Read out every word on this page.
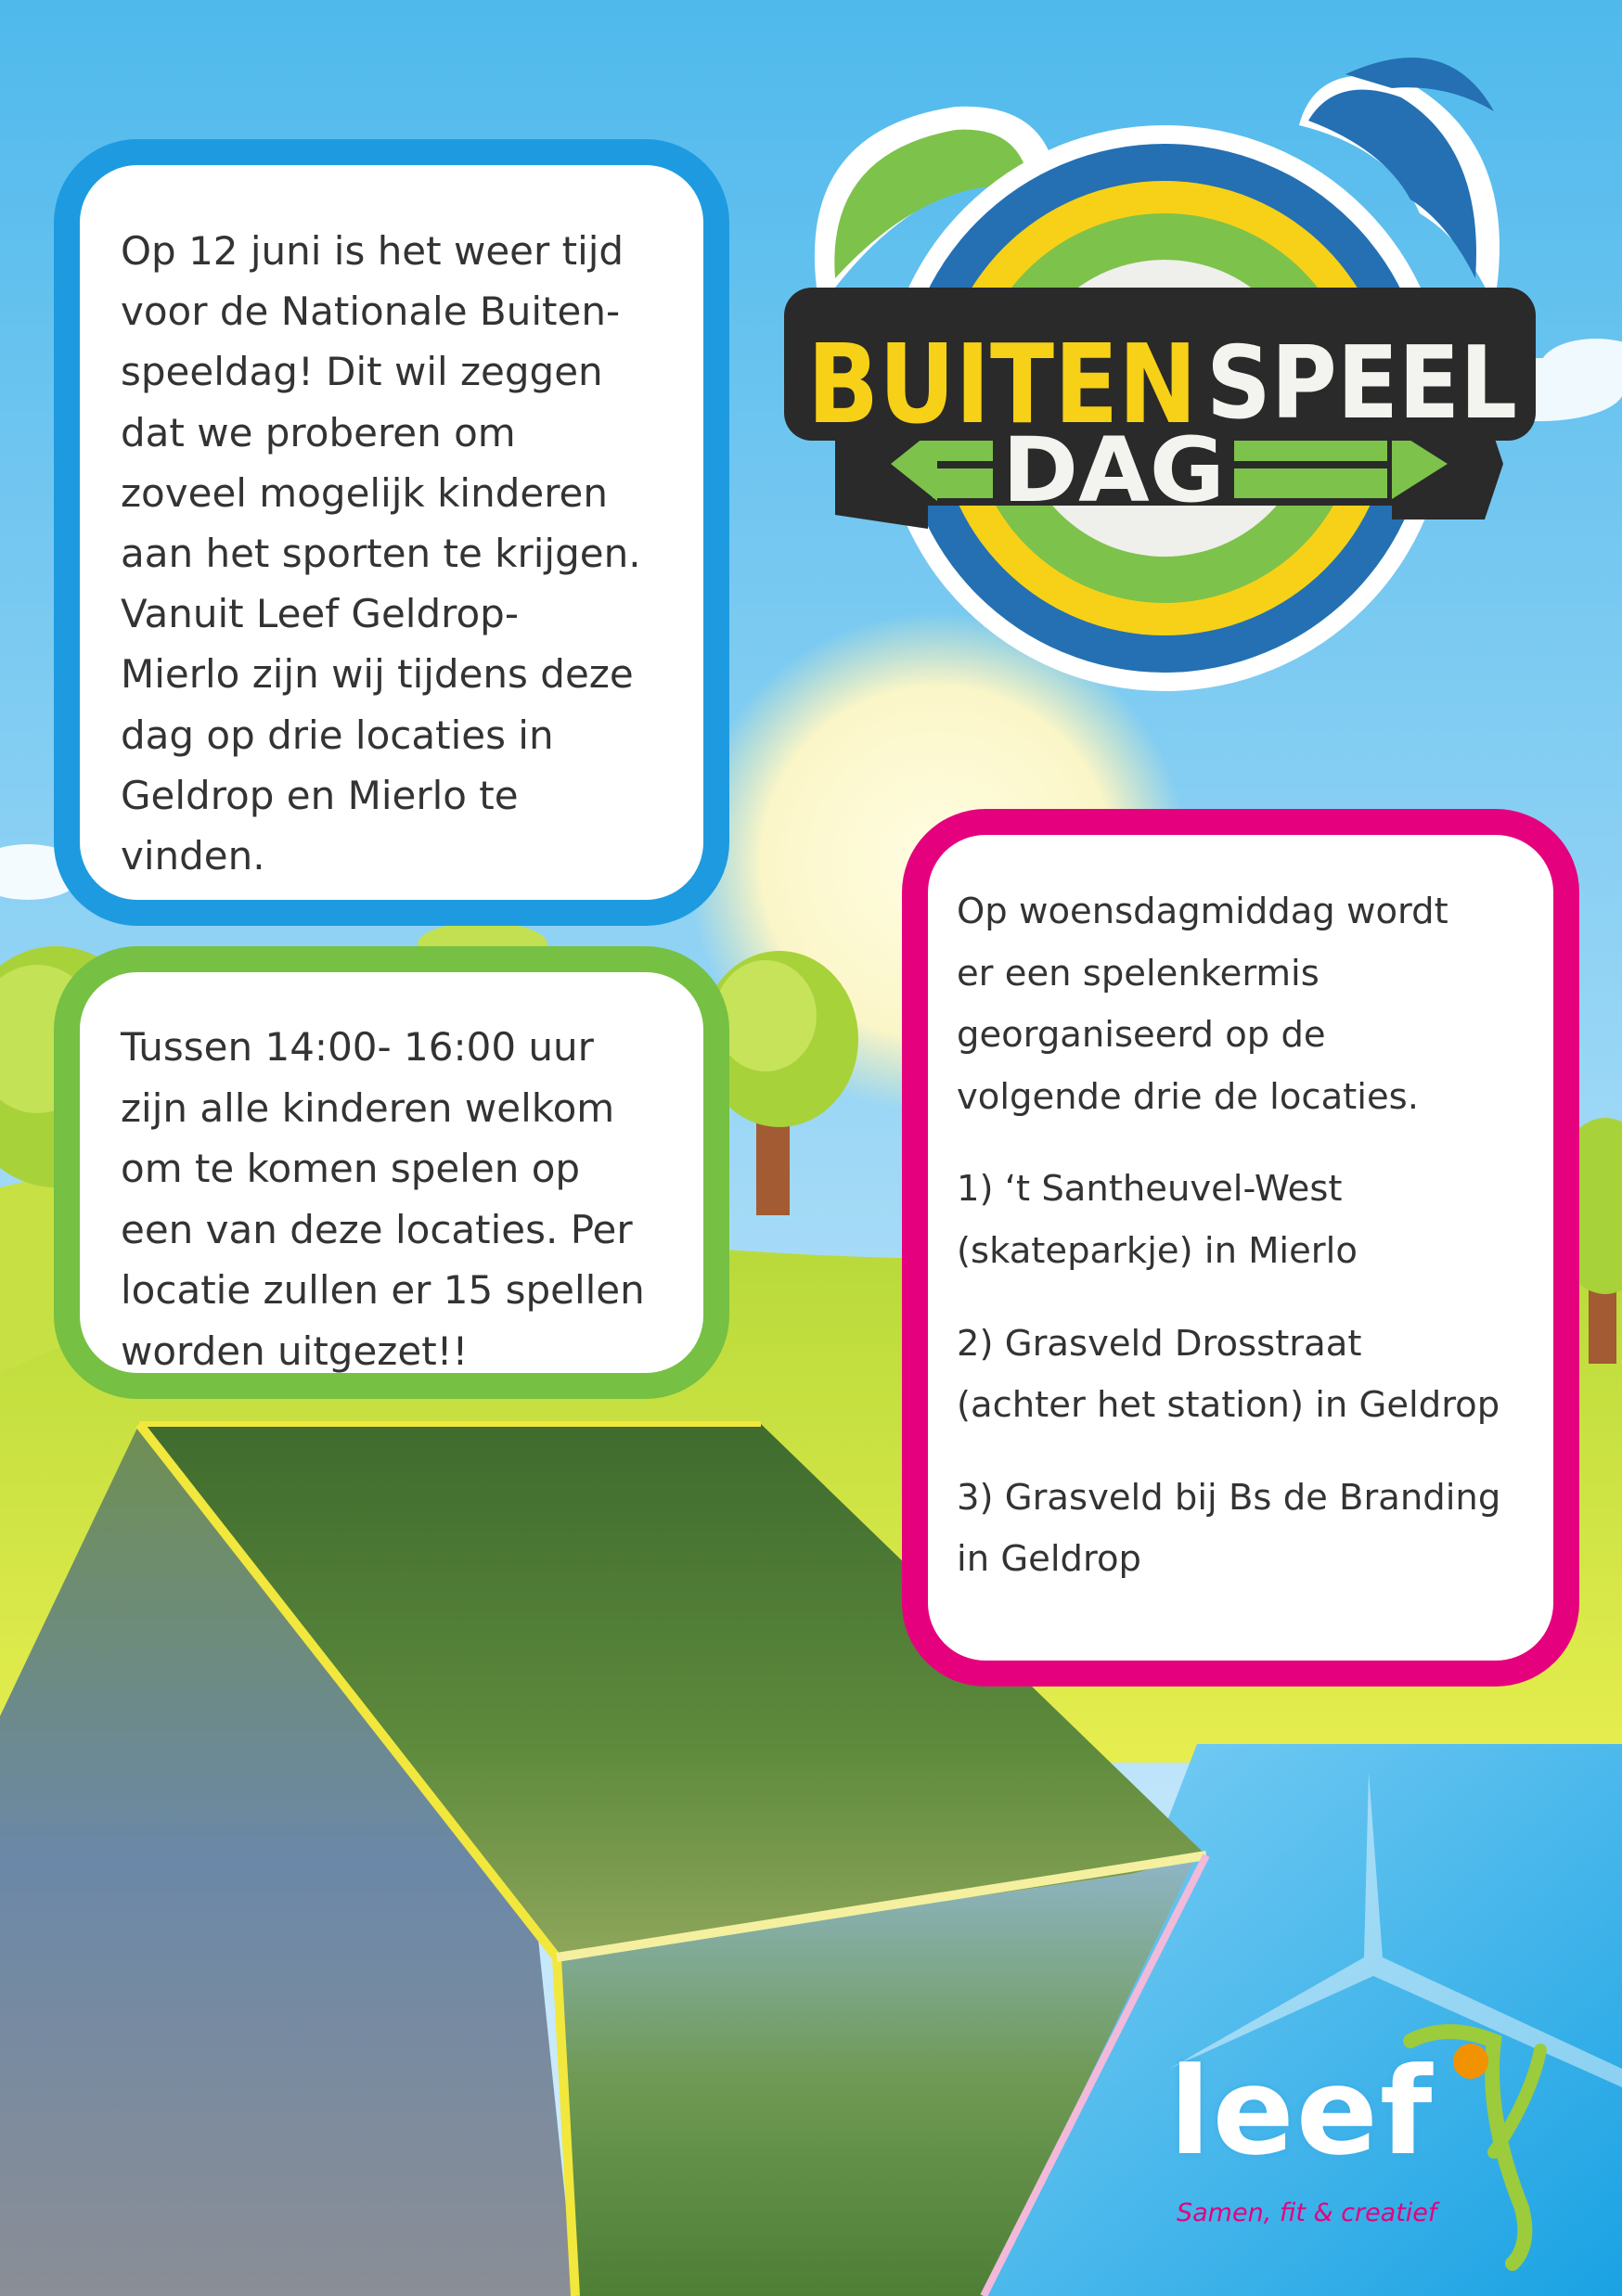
BUITEN SPEEL
DAG

Op 12 juni is het weer tijd

voor de Nationale Buiten-

speeldag! Dit wil zeggen

dat we proberen om

zoveel mogelijk kinderen

aan het sporten te krijgen.

Vanuit Leef Geldrop-

Mierlo zijn wij tijdens deze

dag op drie locaties in

Geldrop en Mierlo te

vinden.

Tussen 14:00- 16:00 uur

zijn alle kinderen welkom

om te komen spelen op

een van deze locaties. Per

locatie zullen er 15 spellen

worden uitgezet!!

Op woensdagmiddag wordt
er een spelenkermis
georganiseerd op de
volgende drie de locaties.

1) ‘t Santheuvel-West
(skateparkje) in Mierlo

2) Grasveld Drosstraat
(achter het station) in Geldrop

3) Grasveld bij Bs de Branding
in Geldrop

leef
Samen, fit & creatief
